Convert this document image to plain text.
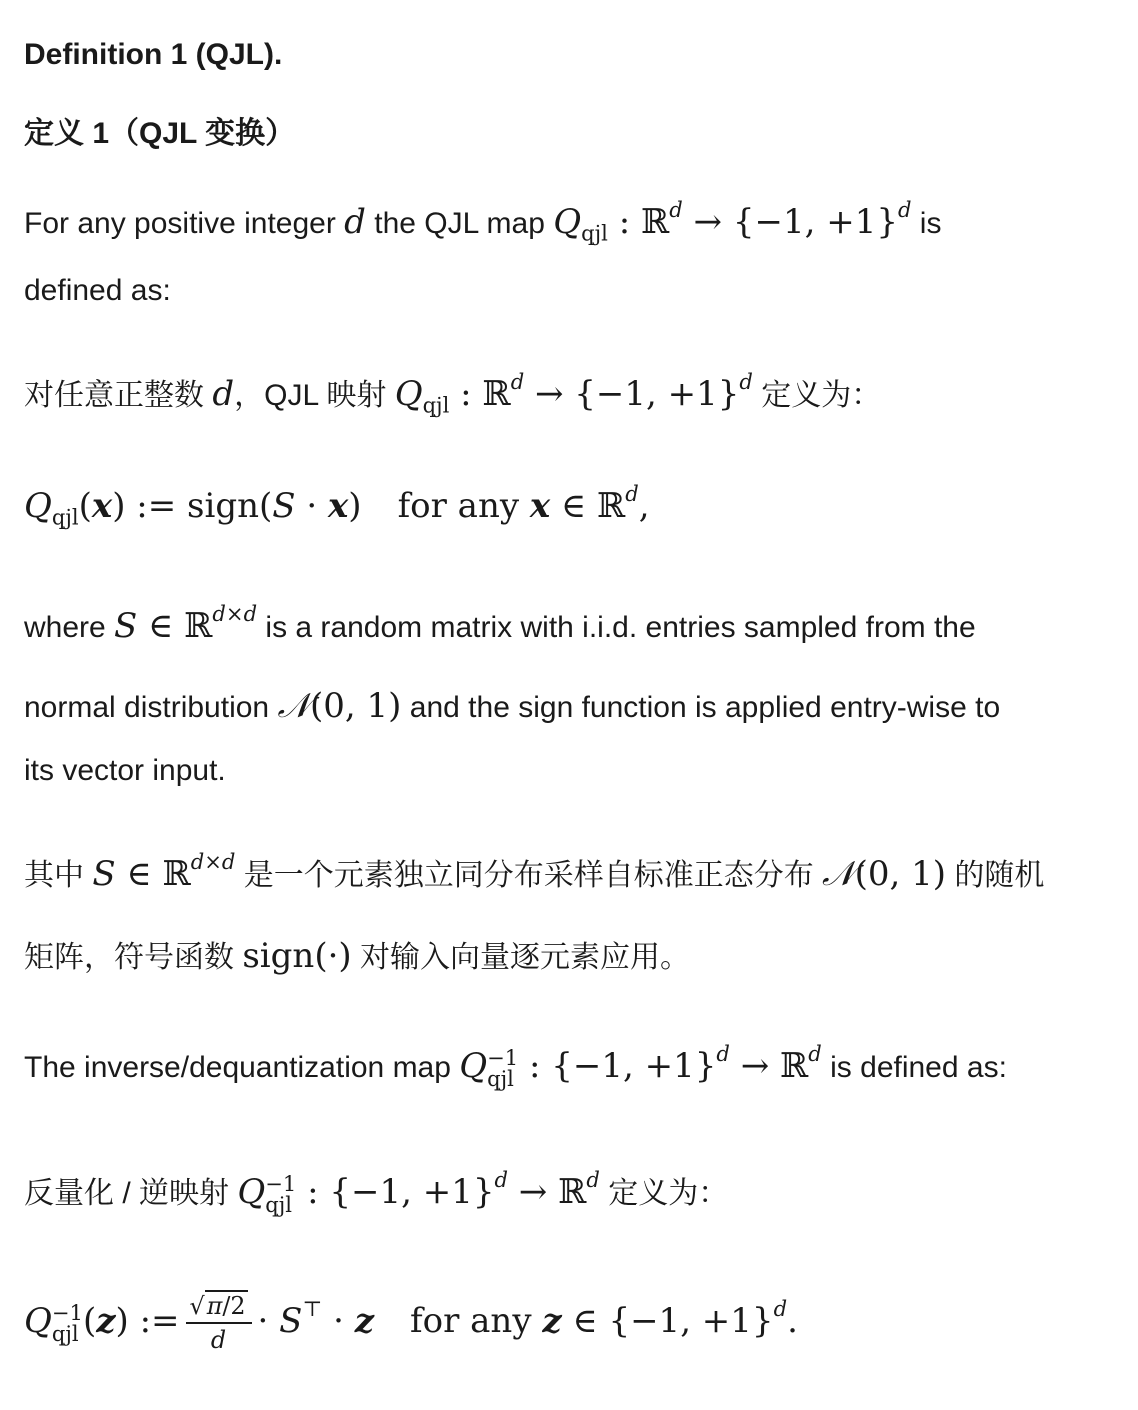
Definition 1 (QJL).
定义 1（QJL 变换）
For any positive integer d the QJL map $Q_{qjl}$ : ℝ$^d$ → {−1, +1}$^d$ is
defined as:
对任意正整数 d，QJL 映射 $Q_{qjl}$ : ℝ$^d$ → {−1, +1}$^d$ 定义为：
$Q_{qjl}(x)$ := sign(S · x) for any x ∈ ℝ$^d$,
where S ∈ ℝ$^{d\times d}$ is a random matrix with i.i.d. entries sampled from the
normal distribution 𝒩(0, 1) and the sign function is applied entry-wise to
its vector input.
其中 S ∈ ℝ$^{d\times d}$ 是一个元素独立同分布采样自标准正态分布 𝒩(0, 1) 的随机
矩阵，符号函数 sign(·) 对输入向量逐元素应用。
The inverse/dequantization map Q −1
qjl : {−1, +1}$^d$ → ℝ$^d$ is defined as:
反量化 / 逆映射 Q −1
qjl : {−1, +1}$^d$ → ℝ$^d$ 定义为：
Q −1
qjl (z) := $\frac{√\pi/2}{d} \cdot S^⊤ \cdot z$ for any z ∈ {−1, +1}$^d$.
